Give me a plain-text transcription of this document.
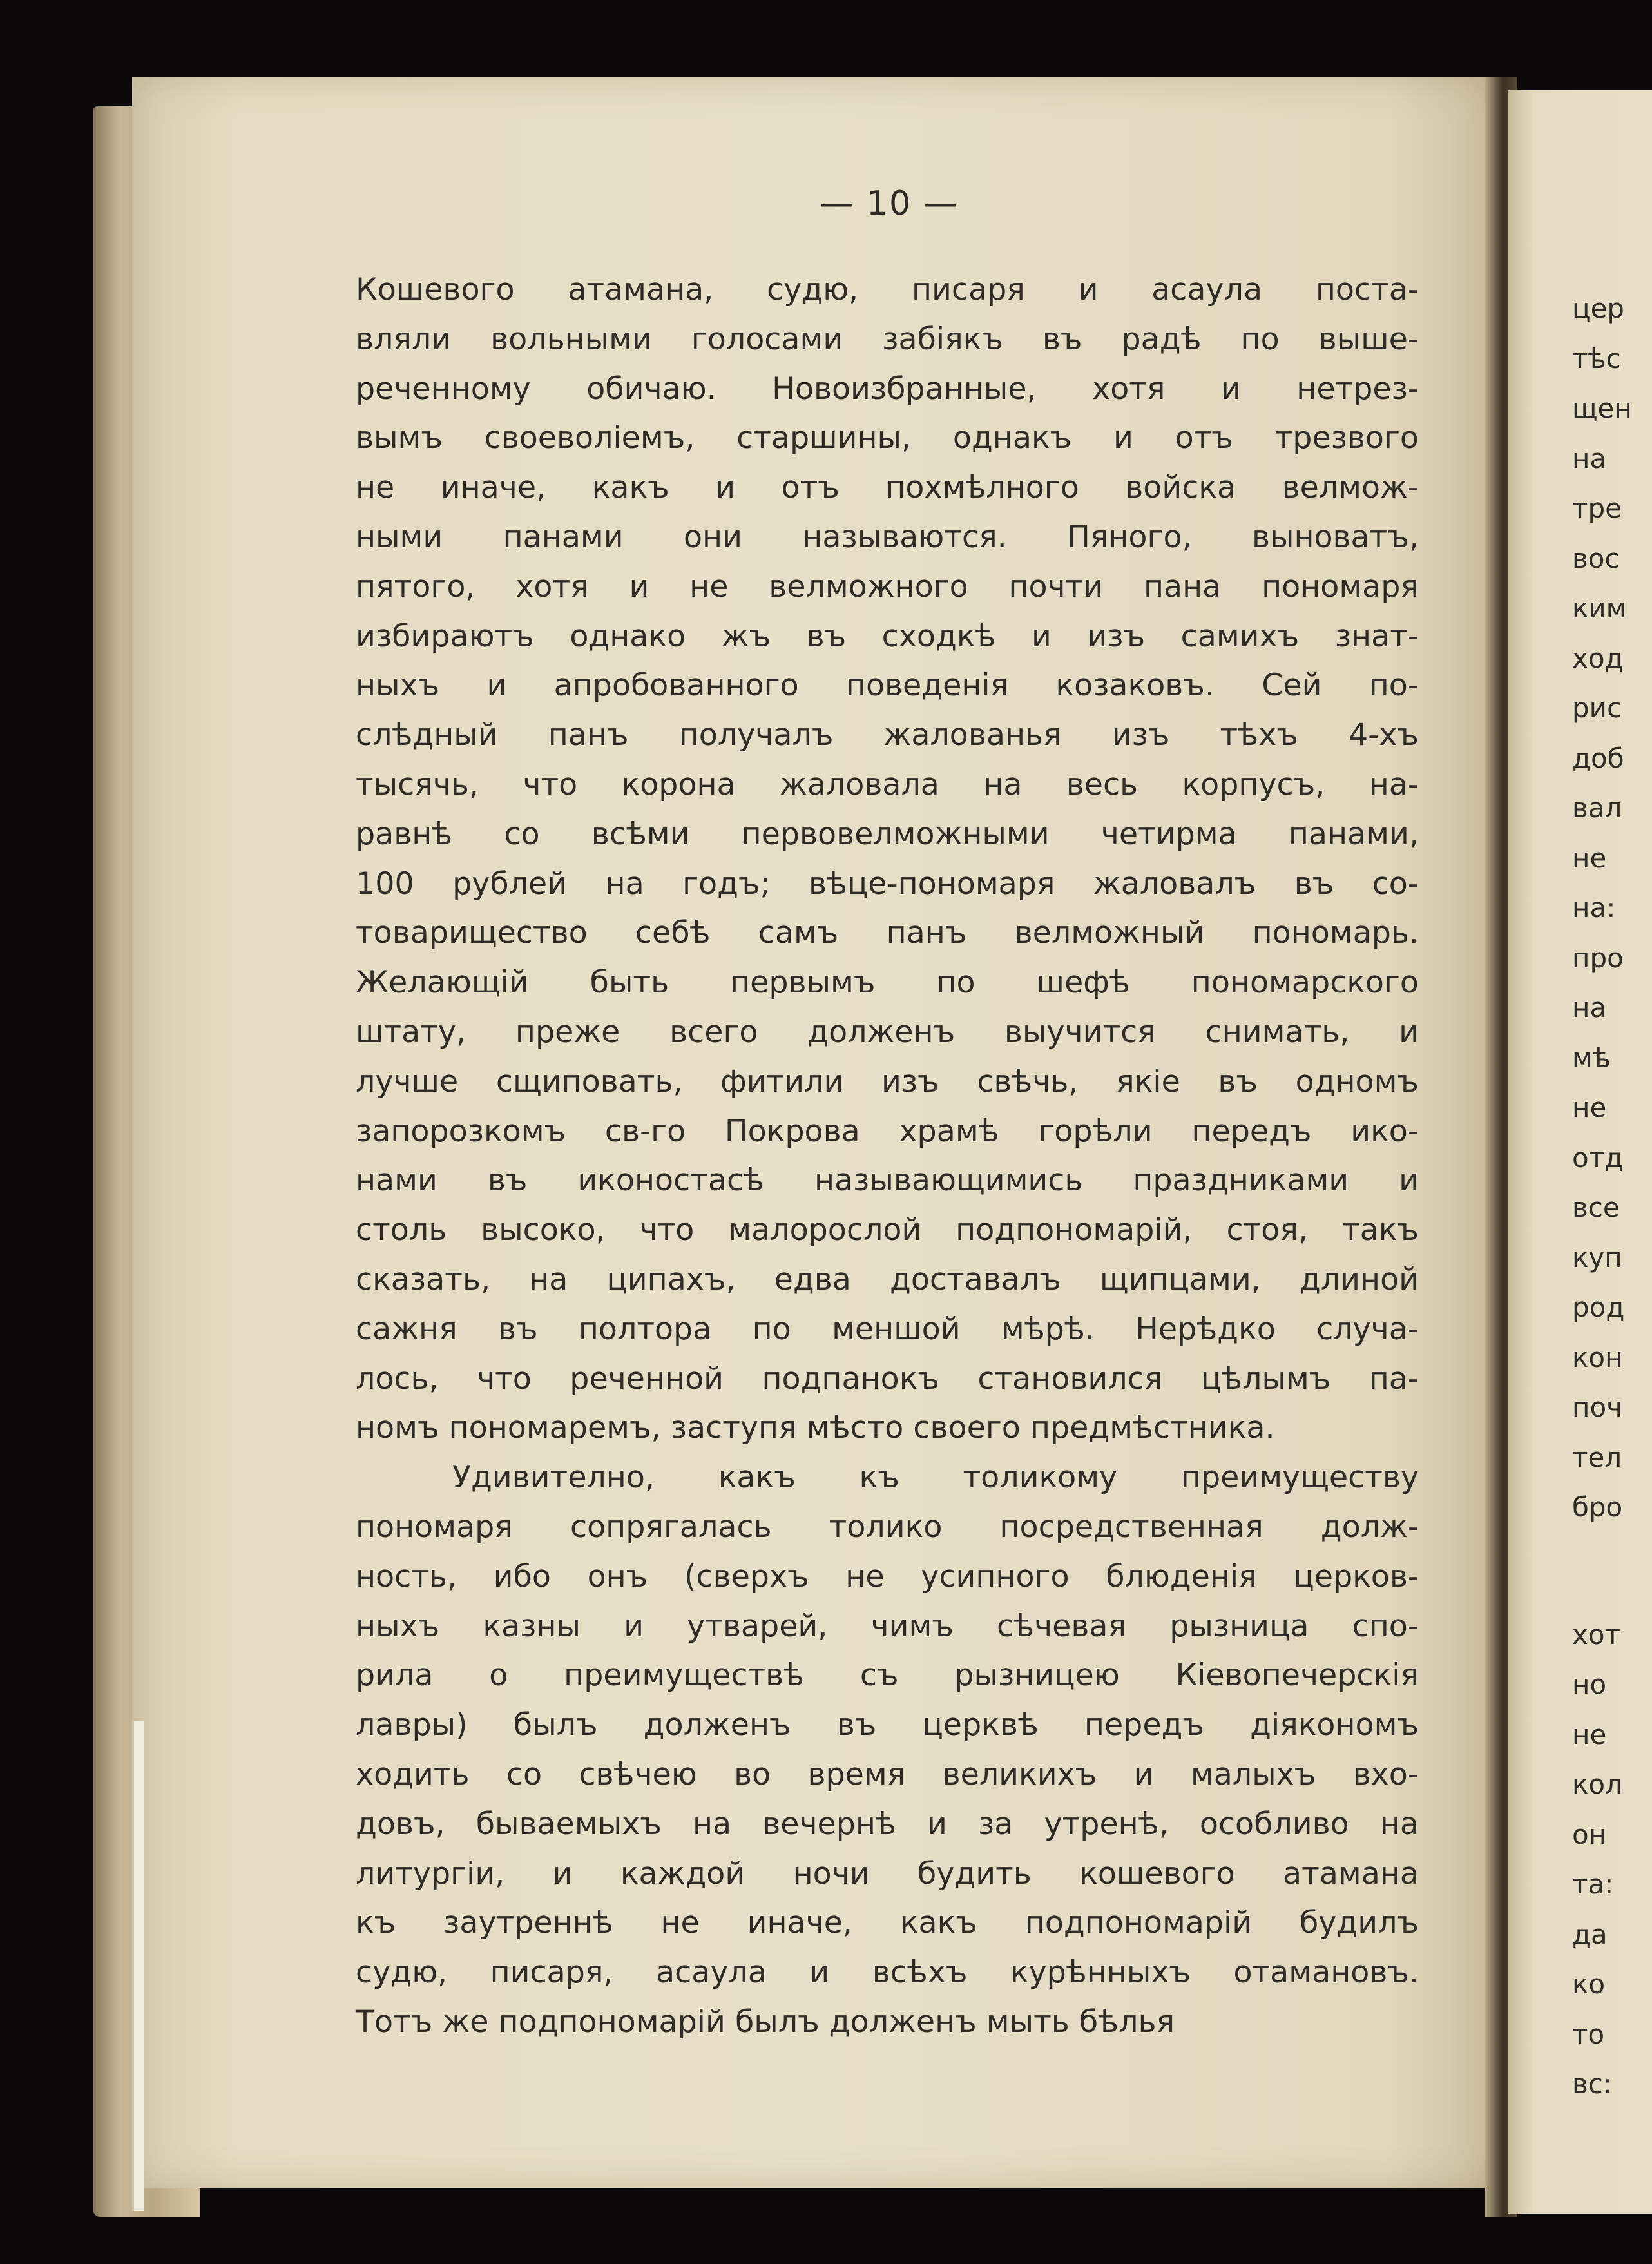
— 10 —
Кошевого атамана, судю, писаря и асаула поста-
вляли вольными голосами забiякъ въ радѣ по выше-
реченному обичаю. Новоизбранные, хотя и нетрез-
вымъ своеволiемъ, старшины, однакъ и отъ трезвого
не иначе, какъ и отъ похмѣлного войска велмож-
ными панами они называются. Пяного, выноватъ,
пятого, хотя и не велможного почти пана пономаря
избираютъ однако жъ въ сходкѣ и изъ самихъ знат-
ныхъ и апробованного поведенiя козаковъ. Сей по-
слѣдный панъ получалъ жалованья изъ тѣхъ 4-хъ
тысячь, что корона жаловала на весь корпусъ, на-
равнѣ со всѣми первовелможными четирма панами,
100 рублей на годъ; вѣце-пономаря жаловалъ въ со-
товарищество себѣ самъ панъ велможный пономарь.
Желающiй быть первымъ по шефѣ пономарского
штату, преже всего долженъ выучится снимать, и
лучше сщиповать, фитили изъ свѣчь, якiе въ одномъ
запорозкомъ св-го Покрова храмѣ горѣли передъ ико-
нами въ иконостасѣ называющимись праздниками и
столь высоко, что малорослой подпономарiй, стоя, такъ
сказать, на ципахъ, едва доставалъ щипцами, длиной
сажня въ полтора по меншой мѣрѣ. Нерѣдко случа-
лось, что реченной подпанокъ становился цѣлымъ па-
номъ пономаремъ, заступя мѣсто своего предмѣстника.
Удивително, какъ къ толикому преимуществу
пономаря сопрягалась толико посредственная долж-
ность, ибо онъ (сверхъ не усипного блюденiя церков-
ныхъ казны и утварей, чимъ сѣчевая рызница спо-
рила о преимуществѣ съ рызницею Кiевопечерскiя
лавры) былъ долженъ въ церквѣ передъ дiякономъ
ходить со свѣчею во время великихъ и малыхъ вхо-
довъ, бываемыхъ на вечернѣ и за утренѣ, особливо на
литургiи, и каждой ночи будить кошевого атамана
къ заутреннѣ не иначе, какъ подпономарiй будилъ
судю, писаря, асаула и всѣхъ курѣнныхъ отамановъ.
Тотъ же подпономарiй былъ долженъ мыть бѣлья
цер
тѣс
щен
на
тре
вос
ким
ход
рис
доб
вал
не
на:
про
на
мѣ
не
отд
все
куп
род
кон
поч
тел
бро
хот
но
не
кол
он
та:
да
ко
то
вс:
